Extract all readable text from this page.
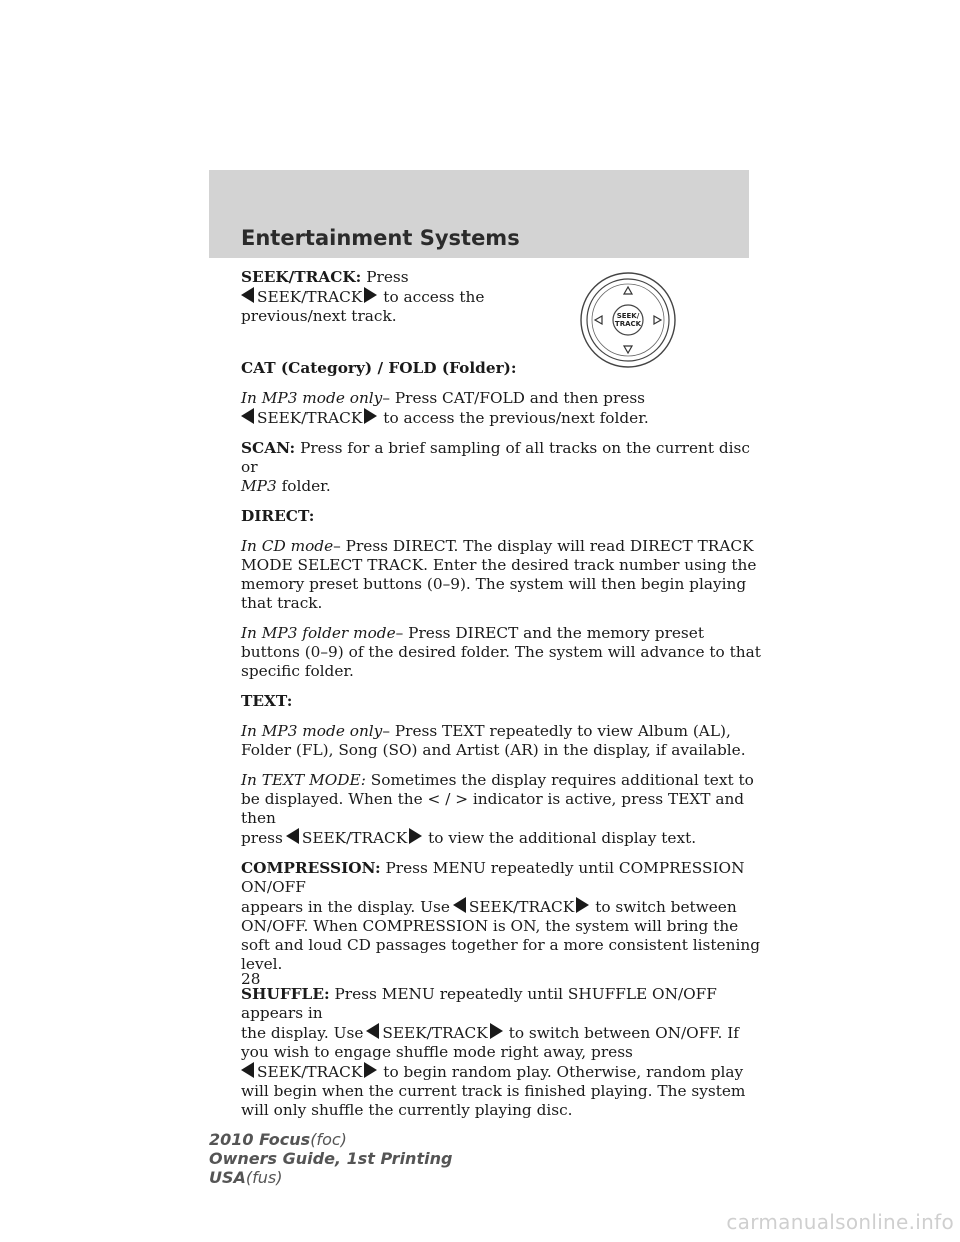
Entertainment Systems
SEEK/
TRACK

SEEK/TRACK: Press
SEEK/TRACK to access the
previous/next track.

CAT (Category) / FOLD (Folder):

In MP3 mode only– Press CAT/FOLD and then press
SEEK/TRACK to access the previous/next folder.

SCAN: Press for a brief sampling of all tracks on the current disc or
MP3 folder.

DIRECT:

In CD mode– Press DIRECT. The display will read DIRECT TRACK MODE SELECT TRACK. Enter the desired track number using the memory preset buttons (0–9). The system will then begin playing that track.

In MP3 folder mode– Press DIRECT and the memory preset buttons (0–9) of the desired folder. The system will advance to that specific folder.

TEXT:

In MP3 mode only– Press TEXT repeatedly to view Album (AL), Folder (FL), Song (SO) and Artist (AR) in the display, if available.

In TEXT MODE: Sometimes the display requires additional text to be displayed. When the < / > indicator is active, press TEXT and then
press SEEK/TRACK to view the additional display text.

COMPRESSION: Press MENU repeatedly until COMPRESSION ON/OFF
appears in the display. Use SEEK/TRACK to switch between
ON/OFF. When COMPRESSION is ON, the system will bring the soft and loud CD passages together for a more consistent listening level.

SHUFFLE: Press MENU repeatedly until SHUFFLE ON/OFF appears in
the display. Use SEEK/TRACK to switch between ON/OFF. If
you wish to engage shuffle mode right away, press
SEEK/TRACK to begin random play. Otherwise, random play
will begin when the current track is finished playing. The system will only shuffle the currently playing disc.

28
2010 Focus(foc)
Owners Guide, 1st Printing
USA(fus)
carmanualsonline.info
